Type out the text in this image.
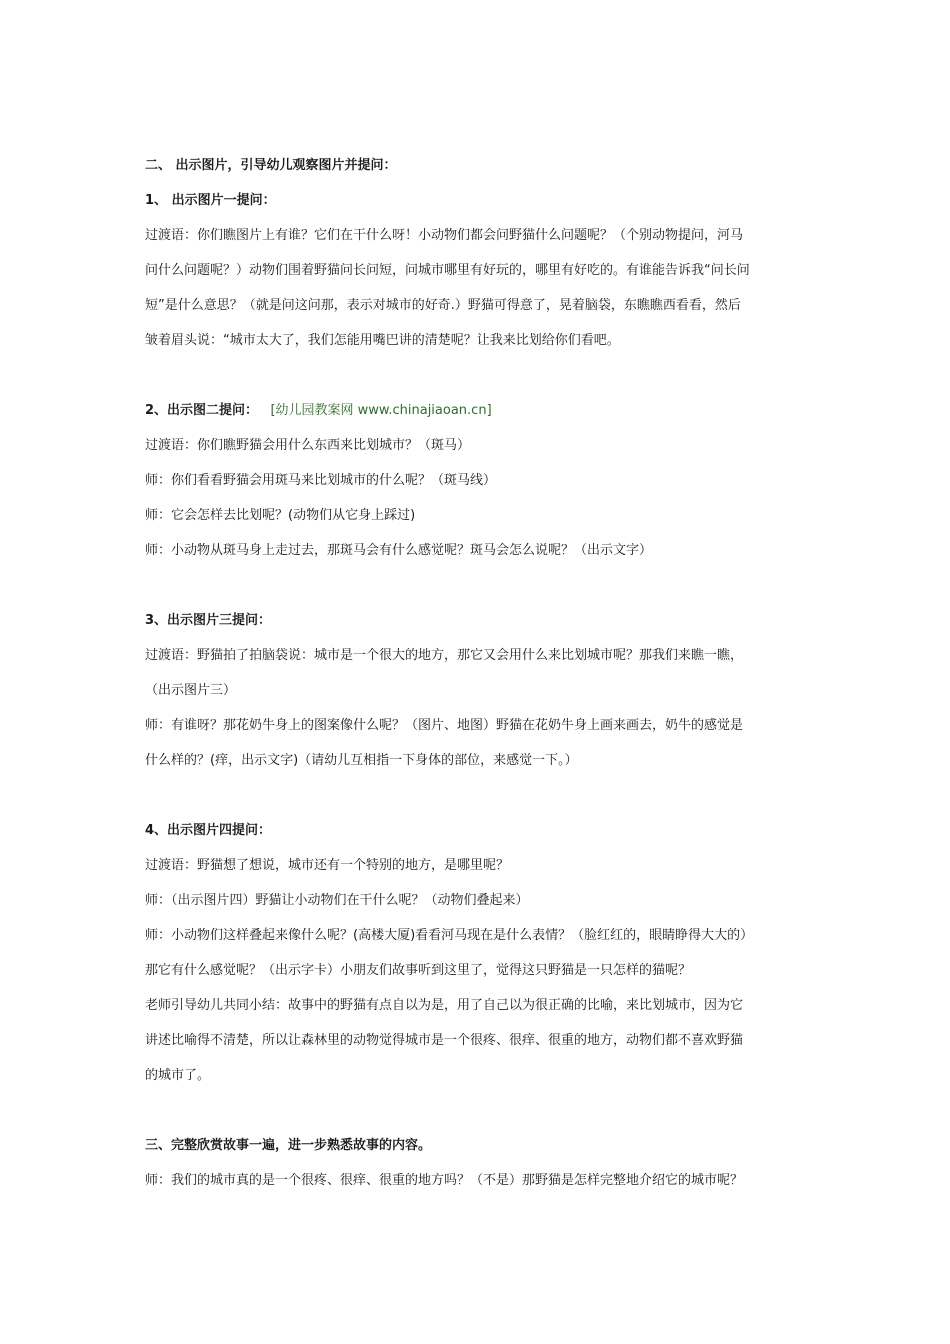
二、 出示图片，引导幼儿观察图片并提问：
1、 出示图片一提问：
过渡语：你们瞧图片上有谁？它们在干什么呀！小动物们都会问野猫什么问题呢？（个别动物提问，河马
问什么问题呢？）动物们围着野猫问长问短，问城市哪里有好玩的，哪里有好吃的。有谁能告诉我“问长问
短”是什么意思？（就是问这问那，表示对城市的好奇.）野猫可得意了，晃着脑袋，东瞧瞧西看看，然后
皱着眉头说：“城市太大了，我们怎能用嘴巴讲的清楚呢？让我来比划给你们看吧。
2、出示图二提问： [幼儿园教案网 www.chinajiaoan.cn]
过渡语：你们瞧野猫会用什么东西来比划城市？（斑马）
师：你们看看野猫会用斑马来比划城市的什么呢？（斑马线）
师：它会怎样去比划呢？(动物们从它身上踩过)
师：小动物从斑马身上走过去，那斑马会有什么感觉呢？斑马会怎么说呢？（出示文字）
3、出示图片三提问：
过渡语：野猫拍了拍脑袋说：城市是一个很大的地方，那它又会用什么来比划城市呢？那我们来瞧一瞧，
（出示图片三）
师：有谁呀？那花奶牛身上的图案像什么呢？（图片、地图）野猫在花奶牛身上画来画去，奶牛的感觉是
什么样的？(痒，出示文字)（请幼儿互相指一下身体的部位，来感觉一下。）
4、出示图片四提问：
过渡语：野猫想了想说，城市还有一个特别的地方，是哪里呢？
师：（出示图片四）野猫让小动物们在干什么呢？（动物们叠起来）
师：小动物们这样叠起来像什么呢？(高楼大厦)看看河马现在是什么表情？（脸红红的，眼睛睁得大大的）
那它有什么感觉呢？（出示字卡）小朋友们故事听到这里了，觉得这只野猫是一只怎样的猫呢？
老师引导幼儿共同小结：故事中的野猫有点自以为是，用了自己以为很正确的比喻，来比划城市，因为它
讲述比喻得不清楚，所以让森林里的动物觉得城市是一个很疼、很痒、很重的地方，动物们都不喜欢野猫
的城市了。
三、完整欣赏故事一遍，进一步熟悉故事的内容。
师：我们的城市真的是一个很疼、很痒、很重的地方吗？（不是）那野猫是怎样完整地介绍它的城市呢？
